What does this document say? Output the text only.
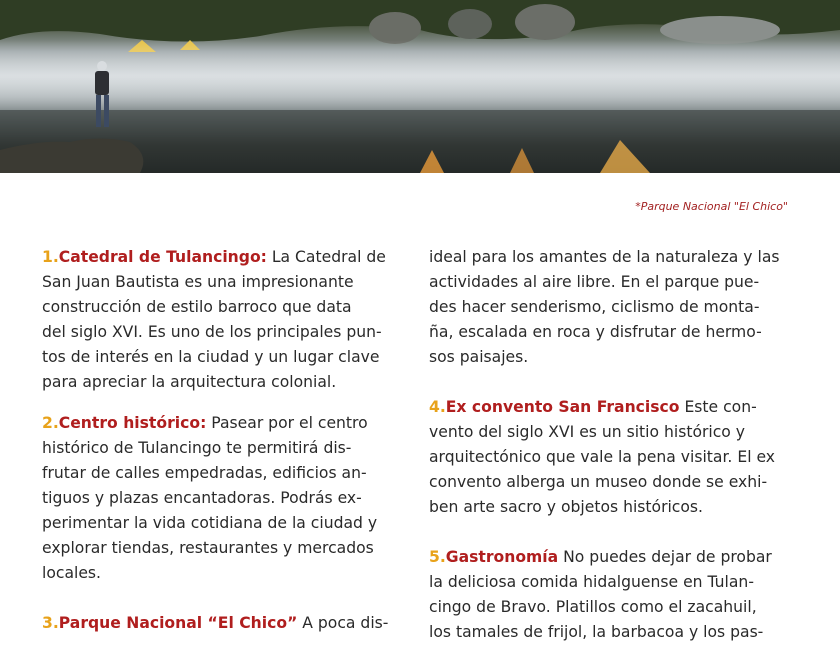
*Parque Nacional "El Chico"
1.Catedral de Tulancingo: La Catedral de
San Juan Bautista es una impresionante
construcción de estilo barroco que data
del siglo XVI. Es uno de los principales pun-
tos de interés en la ciudad y un lugar clave
para apreciar la arquitectura colonial.
2.Centro histórico: Pasear por el centro
histórico de Tulancingo te permitirá dis-
frutar de calles empedradas, edificios an-
tiguos y plazas encantadoras. Podrás ex-
perimentar la vida cotidiana de la ciudad y
explorar tiendas, restaurantes y mercados
locales.
3.Parque Nacional “El Chico” A poca dis-
ideal para los amantes de la naturaleza y las
actividades al aire libre. En el parque pue-
des hacer senderismo, ciclismo de monta-
ña, escalada en roca y disfrutar de hermo-
sos paisajes.
4.Ex convento San Francisco Este con-
vento del siglo XVI es un sitio histórico y
arquitectónico que vale la pena visitar. El ex
convento alberga un museo donde se exhi-
ben arte sacro y objetos históricos.
5.Gastronomía No puedes dejar de probar
la deliciosa comida hidalguense en Tulan-
cingo de Bravo. Platillos como el zacahuil,
los tamales de frijol, la barbacoa y los pas-
